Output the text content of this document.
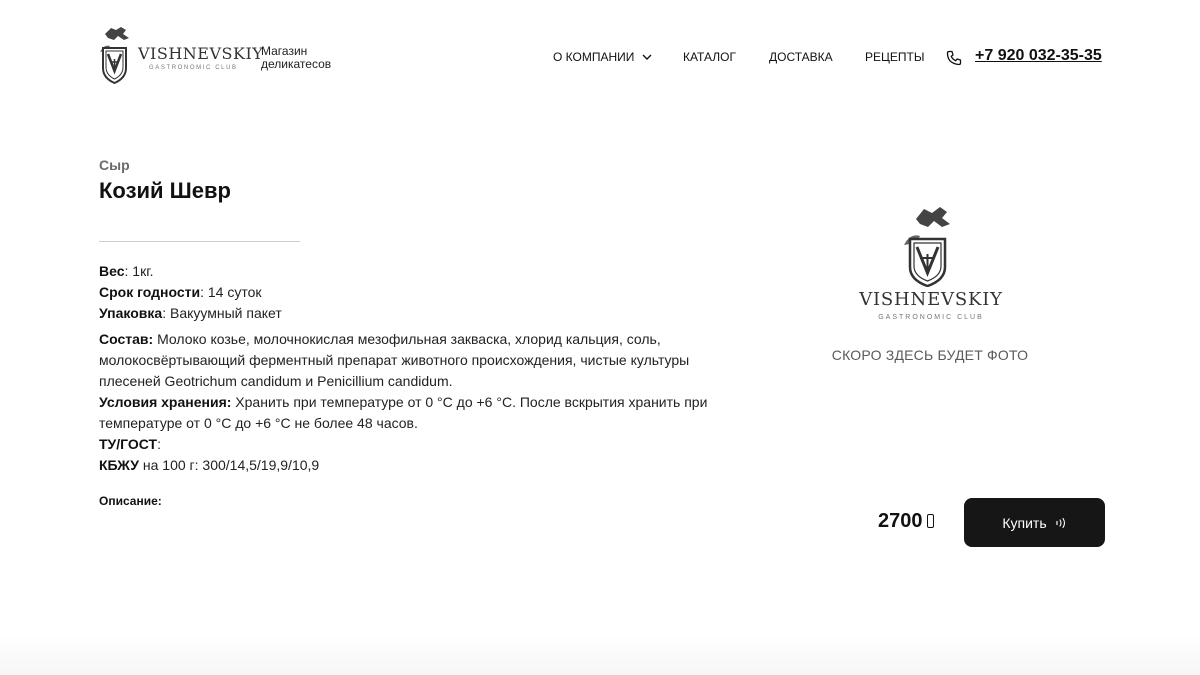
VISHNEVSKIY
GASTRONOMIC CLUB
Магазин деликатесов	О КОМПАНИИ	КАТАЛОГ	ДОСТАВКА	РЕЦЕПТЫ	+7 920 032-35-35
Сыр
Козий Шевр
Вес: 1кг.
Срок годности: 14 суток
Упаковка: Вакуумный пакет
Состав: Молоко козье, молочнокислая мезофильная закваска, хлорид кальция, соль, молокосвёртывающий ферментный препарат животного происхождения, чистые культуры плесеней Geotrichum candidum и Penicillium candidum.
Условия хранения: Хранить при температуре от 0 °С до +6 °С. После вскрытия хранить при температуре от 0 °С до +6 °С не более 48 часов.
ТУ/ГОСТ:
КБЖУ на 100 г: 300/14,5/19,9/10,9
Описание:
VISHNEVSKIY
GASTRONOMIC CLUB
СКОРО ЗДЕСЬ БУДЕТ ФОТО
2700	Купить
